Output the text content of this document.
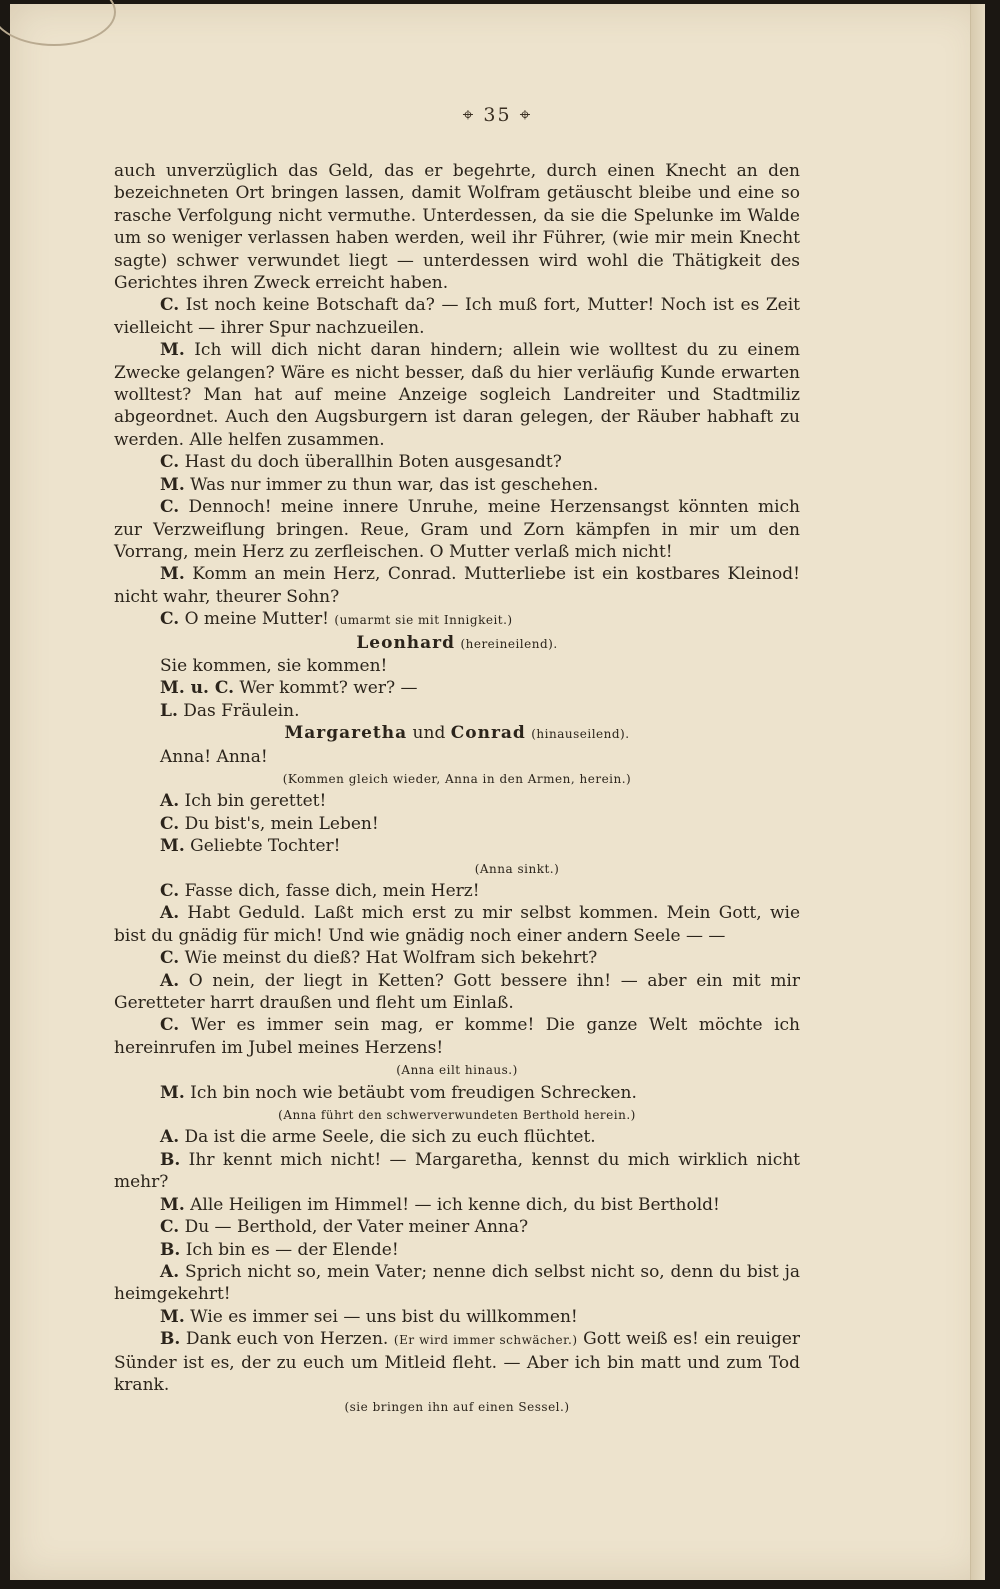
⌖ 35 ⌖

auch unverzüglich das Geld, das er begehrte, durch einen Knecht an den bezeichneten Ort bringen lassen, damit Wolfram getäuscht bleibe und eine so rasche Verfolgung nicht vermuthe. Unterdessen, da sie die Spelunke im Walde um so weniger verlassen haben werden, weil ihr Führer, (wie mir mein Knecht sagte) schwer verwundet liegt — unterdessen wird wohl die Thätigkeit des Gerichtes ihren Zweck erreicht haben.

C. Ist noch keine Botschaft da? — Ich muß fort, Mutter! Noch ist es Zeit vielleicht — ihrer Spur nachzueilen.

M. Ich will dich nicht daran hindern; allein wie wolltest du zu einem Zwecke gelangen? Wäre es nicht besser, daß du hier verläufig Kunde erwarten wolltest? Man hat auf meine Anzeige sogleich Landreiter und Stadtmiliz abgeordnet. Auch den Augsburgern ist daran gelegen, der Räuber habhaft zu werden. Alle helfen zusammen.

C. Hast du doch überallhin Boten ausgesandt?

M. Was nur immer zu thun war, das ist geschehen.

C. Dennoch! meine innere Unruhe, meine Herzensangst könnten mich zur Verzweiflung bringen. Reue, Gram und Zorn kämpfen in mir um den Vorrang, mein Herz zu zerfleischen. O Mutter verlaß mich nicht!

M. Komm an mein Herz, Conrad. Mutterliebe ist ein kostbares Kleinod! nicht wahr, theurer Sohn?

C. O meine Mutter! (umarmt sie mit Innigkeit.)

Leonhard (hereineilend).

Sie kommen, sie kommen!

M. u. C. Wer kommt? wer? —

L. Das Fräulein.

Margaretha und Conrad (hinauseilend).

Anna! Anna!

(Kommen gleich wieder, Anna in den Armen, herein.)

A. Ich bin gerettet!

C. Du bist's, mein Leben!

M. Geliebte Tochter!

(Anna sinkt.)

C. Fasse dich, fasse dich, mein Herz!

A. Habt Geduld. Laßt mich erst zu mir selbst kommen. Mein Gott, wie bist du gnädig für mich! Und wie gnädig noch einer andern Seele — —

C. Wie meinst du dieß? Hat Wolfram sich bekehrt?

A. O nein, der liegt in Ketten? Gott bessere ihn! — aber ein mit mir Geretteter harrt draußen und fleht um Einlaß.

C. Wer es immer sein mag, er komme! Die ganze Welt möchte ich hereinrufen im Jubel meines Herzens!

(Anna eilt hinaus.)

M. Ich bin noch wie betäubt vom freudigen Schrecken.

(Anna führt den schwerverwundeten Berthold herein.)

A. Da ist die arme Seele, die sich zu euch flüchtet.

B. Ihr kennt mich nicht! — Margaretha, kennst du mich wirklich nicht mehr?

M. Alle Heiligen im Himmel! — ich kenne dich, du bist Berthold!

C. Du — Berthold, der Vater meiner Anna?

B. Ich bin es — der Elende!

A. Sprich nicht so, mein Vater; nenne dich selbst nicht so, denn du bist ja heimgekehrt!

M. Wie es immer sei — uns bist du willkommen!

B. Dank euch von Herzen. (Er wird immer schwächer.) Gott weiß es! ein reuiger Sünder ist es, der zu euch um Mitleid fleht. — Aber ich bin matt und zum Tod krank.

(sie bringen ihn auf einen Sessel.)
